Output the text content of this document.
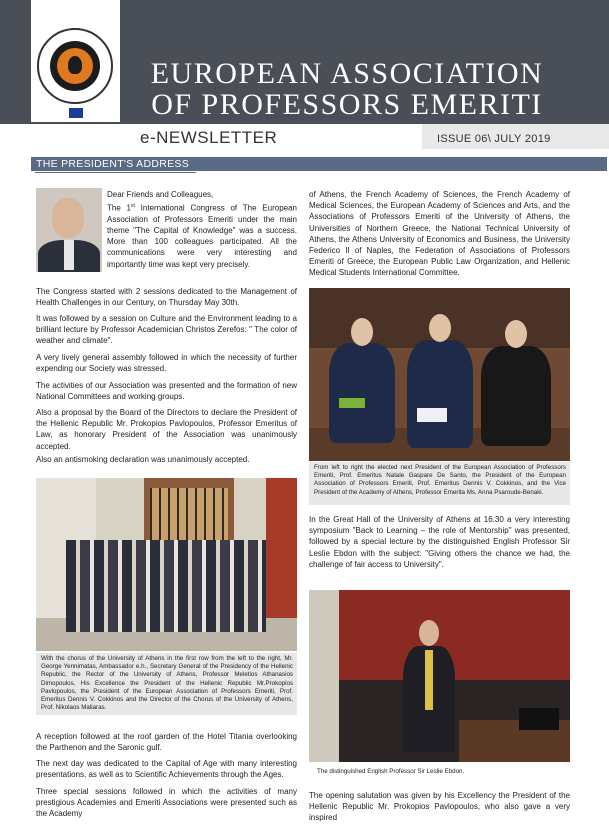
EUROPEAN ASSOCIATION
OF PROFESSORS EMERITI
e-NEWSLETTER	ISSUE 06\ JULY 2019
THE PRESIDENT'S ADDRESS

Dear Friends and Colleagues,

The 1st International Congress of The European Association of Professors Emeriti under the main theme "The Capital of Knowledge" was a success. More than 100 colleagues participated. All the communications were very interesting and importantly time was kept very precisely.

The Congress started with 2 sessions dedicated to the Management of Health Challenges in our Century, on Thursday May 30th.

It was followed by a session on Culture and the Environment leading to a brilliant lecture by Professor Academician Christos Zerefos: " The color of weather and climate".

A very lively general assembly followed in which the necessity of further expending our Society was stressed.

The activities of our Association was presented and the formation of new National Committees and working groups.

Also a proposal by the Board of the Directors to declare the President of the Hellenic Republic Mr. Prokopios Pavlopoulos, Professor Emeritus of Law, as honorary President of the Association was unanimously accepted.

Also an antismoking declaration was unanimously accepted.

With the chorus of the University of Athens in the first row from the left to the right, Mr. George Yennimatas, Ambassador e.h., Secretary General of the Presidency of the Hellenic Republic, the Rector of the University of Athens, Professor Meletios Athanasios Dimopoulos, His Excellence the President of the Hellenic Republic Mr.Prokopios Pavlopoulos, the President of the European Association of Professors Emeriti, Prof. Emeritus Dennis V. Cokkinos and the Director of the Chorus of the University of Athens, Prof. Nikolaos Maliaras.

A reception followed at the roof garden of the Hotel Titania overlooking the Parthenon and the Saronic gulf.

The next day was dedicated to the Capital of Age with many interesting presentations, as well as to Scientific Achievements through the Ages.

Three special sessions followed in which the activities of many prestigious Academies and Emeriti Associations were presented such as the Academy

of Athens, the French Academy of Sciences, the French Academy of Medical Sciences, the European Academy of Sciences and Arts, and the Associations of Professors Emeriti of the University of Athens, the Universities of Northern Greece, the National Technical University of Athens, the Athens University of Economics and Business, the University Federico II of Naples, the Federation of Associations of Professors Emeriti of Greece, the European Public Law Organization, and Hellenic Medical Students International Committee.

From left to right the elected next President of the European Association of Professors Emeriti, Prof. Emeritus Natale Gaspare De Santo, the President of the European Association of Professors Emeriti, Prof. Emeritus Dennis V. Cokkinos, and the Vice President of the Academy of Athens, Professor Emerita Ms. Anna Psaroude-Benaki.

In the Great Hall of the University of Athens at 16.30 a very interesting symposium "Back to Learning – the role of Mentorship" was presented, followed by a special lecture by the distinguished English Professor Sir Leslie Ebdon with the subject: "Giving others the chance we had, the challenge of fair access to University".

The distinguished English Professor Sir Leslie Ebdon.

The opening salutation was given by his Excellency the President of the Hellenic Republic Mr. Prokopios Pavlopoulos, who also gave a very inspired
